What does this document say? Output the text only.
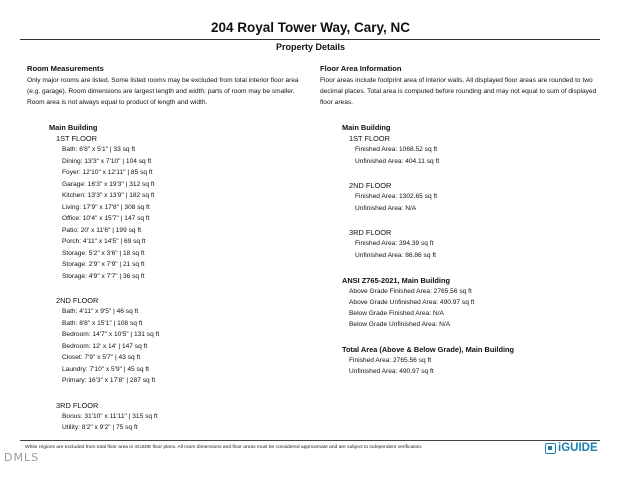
204 Royal Tower Way, Cary, NC
Property Details
Room Measurements
Only major rooms are listed. Some listed rooms may be excluded from total interior floor area
(e.g. garage). Room dimensions are largest length and width; parts of room may be smaller.
Room area is not always equal to product of length and width.
Main Building
1ST FLOOR
Bath: 6'8" x 5'1" | 33 sq ft
Dining: 13'3" x 7'10" | 104 sq ft
Foyer: 12'10" x 12'11" | 85 sq ft
Garage: 16'3" x 19'3" | 312 sq ft
Kitchen: 13'3" x 13'9" | 182 sq ft
Living: 17'9" x 17'8" | 308 sq ft
Office: 10'4" x 15'7" | 147 sq ft
Patio: 20' x 11'6" | 199 sq ft
Porch: 4'11" x 14'5" | 69 sq ft
Storage: 5'2" x 3'6" | 18 sq ft
Storage: 2'9" x 7'9" | 21 sq ft
Storage: 4'9" x 7'7" | 36 sq ft
2ND FLOOR
Bath: 4'11" x 9'5" | 46 sq ft
Bath: 8'8" x 15'1" | 108 sq ft
Bedroom: 14'7" x 10'5" | 131 sq ft
Bedroom: 12' x 14' | 147 sq ft
Closet: 7'9" x 5'7" | 43 sq ft
Laundry: 7'10" x 5'9" | 45 sq ft
Primary: 16'3" x 17'8" | 287 sq ft
3RD FLOOR
Bonus: 31'10" x 11'11" | 315 sq ft
Utility: 8'2" x 9'2" | 75 sq ft
Floor Area Information
Floor areas include footprint area of interior walls. All displayed floor areas are rounded to two
decimal places. Total area is computed before rounding and may not equal to sum of displayed
floor areas.
Main Building
1ST FLOOR
Finished Area: 1068.52 sq ft
Unfinished Area: 404.11 sq ft
2ND FLOOR
Finished Area: 1302.65 sq ft
Unfinished Area: N/A
3RD FLOOR
Finished Area: 394.39 sq ft
Unfinished Area: 86.86 sq ft
ANSI Z765-2021, Main Building
Above Grade Finished Area: 2765.56 sq ft
Above Grade Unfinished Area: 490.97 sq ft
Below Grade Finished Area: N/A
Below Grade Unfinished Area: N/A
Total Area (Above & Below Grade), Main Building
Finished Area: 2765.56 sq ft
Unfinished Area: 490.97 sq ft
White regions are excluded from total floor area in iGUIDE floor plans. All room dimensions and floor areas must be considered approximate and are subject to independent verification.
DMLS
iGUIDE
